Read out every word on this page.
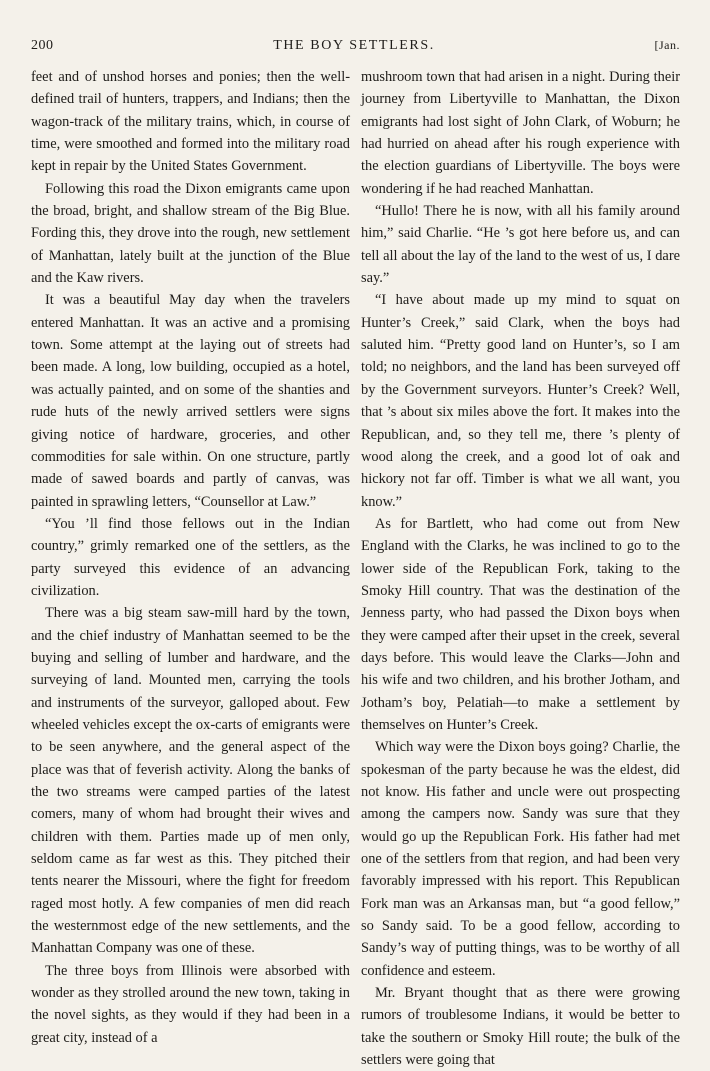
200	THE BOY SETTLERS.	[Jan.

feet and of unshod horses and ponies; then the well-defined trail of hunters, trappers, and Indians; then the wagon-track of the military trains, which, in course of time, were smoothed and formed into the military road kept in repair by the United States Government.

Following this road the Dixon emigrants came upon the broad, bright, and shallow stream of the Big Blue. Fording this, they drove into the rough, new settlement of Manhattan, lately built at the junction of the Blue and the Kaw rivers.

It was a beautiful May day when the travelers entered Manhattan. It was an active and a promising town. Some attempt at the laying out of streets had been made. A long, low building, occupied as a hotel, was actually painted, and on some of the shanties and rude huts of the newly arrived settlers were signs giving notice of hardware, groceries, and other commodities for sale within. On one structure, partly made of sawed boards and partly of canvas, was painted in sprawling letters, “Counsellor at Law.”

“You ’ll find those fellows out in the Indian country,” grimly remarked one of the settlers, as the party surveyed this evidence of an advancing civilization.

There was a big steam saw-mill hard by the town, and the chief industry of Manhattan seemed to be the buying and selling of lumber and hardware, and the surveying of land. Mounted men, carrying the tools and instruments of the surveyor, galloped about. Few wheeled vehicles except the ox-carts of emigrants were to be seen anywhere, and the general aspect of the place was that of feverish activity. Along the banks of the two streams were camped parties of the latest comers, many of whom had brought their wives and children with them. Parties made up of men only, seldom came as far west as this. They pitched their tents nearer the Missouri, where the fight for freedom raged most hotly. A few companies of men did reach the westernmost edge of the new settlements, and the Manhattan Company was one of these.

The three boys from Illinois were absorbed with wonder as they strolled around the new town, taking in the novel sights, as they would if they had been in a great city, instead of a

mushroom town that had arisen in a night. During their journey from Libertyville to Manhattan, the Dixon emigrants had lost sight of John Clark, of Woburn; he had hurried on ahead after his rough experience with the election guardians of Libertyville. The boys were wondering if he had reached Manhattan.

“Hullo! There he is now, with all his family around him,” said Charlie. “He ’s got here before us, and can tell all about the lay of the land to the west of us, I dare say.”

“I have about made up my mind to squat on Hunter’s Creek,” said Clark, when the boys had saluted him. “Pretty good land on Hunter’s, so I am told; no neighbors, and the land has been surveyed off by the Government surveyors. Hunter’s Creek? Well, that ’s about six miles above the fort. It makes into the Republican, and, so they tell me, there ’s plenty of wood along the creek, and a good lot of oak and hickory not far off. Timber is what we all want, you know.”

As for Bartlett, who had come out from New England with the Clarks, he was inclined to go to the lower side of the Republican Fork, taking to the Smoky Hill country. That was the destination of the Jenness party, who had passed the Dixon boys when they were camped after their upset in the creek, several days before. This would leave the Clarks—John and his wife and two children, and his brother Jotham, and Jotham’s boy, Pelatiah—to make a settlement by themselves on Hunter’s Creek.

Which way were the Dixon boys going? Charlie, the spokesman of the party because he was the eldest, did not know. His father and uncle were out prospecting among the campers now. Sandy was sure that they would go up the Republican Fork. His father had met one of the settlers from that region, and had been very favorably impressed with his report. This Republican Fork man was an Arkansas man, but “a good fellow,” so Sandy said. To be a good fellow, according to Sandy’s way of putting things, was to be worthy of all confidence and esteem.

Mr. Bryant thought that as there were growing rumors of troublesome Indians, it would be better to take the southern or Smoky Hill route; the bulk of the settlers were going that
